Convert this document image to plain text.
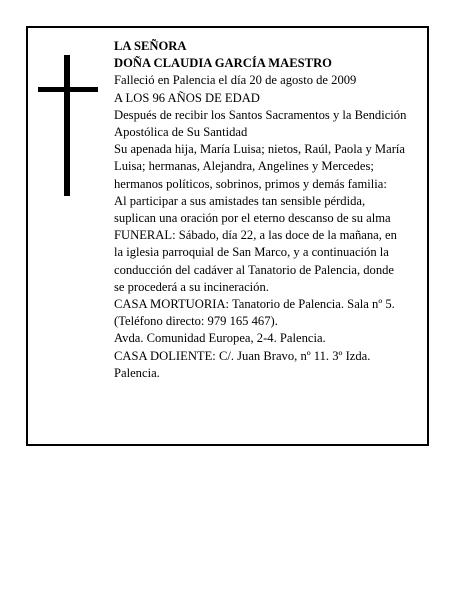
LA SEÑORA

DOÑA CLAUDIA GARCÍA MAESTRO

Falleció en Palencia el día 20 de agosto de 2009

A LOS 96 AÑOS DE EDAD

Después de recibir los Santos Sacramentos y la Bendición Apostólica de Su Santidad

Su apenada hija, María Luisa; nietos, Raúl, Paola y María Luisa; hermanas, Alejandra, Angelines y Mercedes; hermanos políticos, sobrinos, primos y demás familia:

Al participar a sus amistades tan sensible pérdida, suplican una oración por el eterno descanso de su alma

FUNERAL: Sábado, día 22, a las doce de la mañana, en la iglesia parroquial de San Marco, y a continuación la conducción del cadáver al Tanatorio de Palencia, donde se procederá a su incineración.

CASA MORTUORIA: Tanatorio de Palencia. Sala nº 5. (Teléfono directo: 979 165 467).

Avda. Comunidad Europea, 2-4. Palencia.

CASA DOLIENTE: C/. Juan Bravo, nº 11. 3º Izda. Palencia.
